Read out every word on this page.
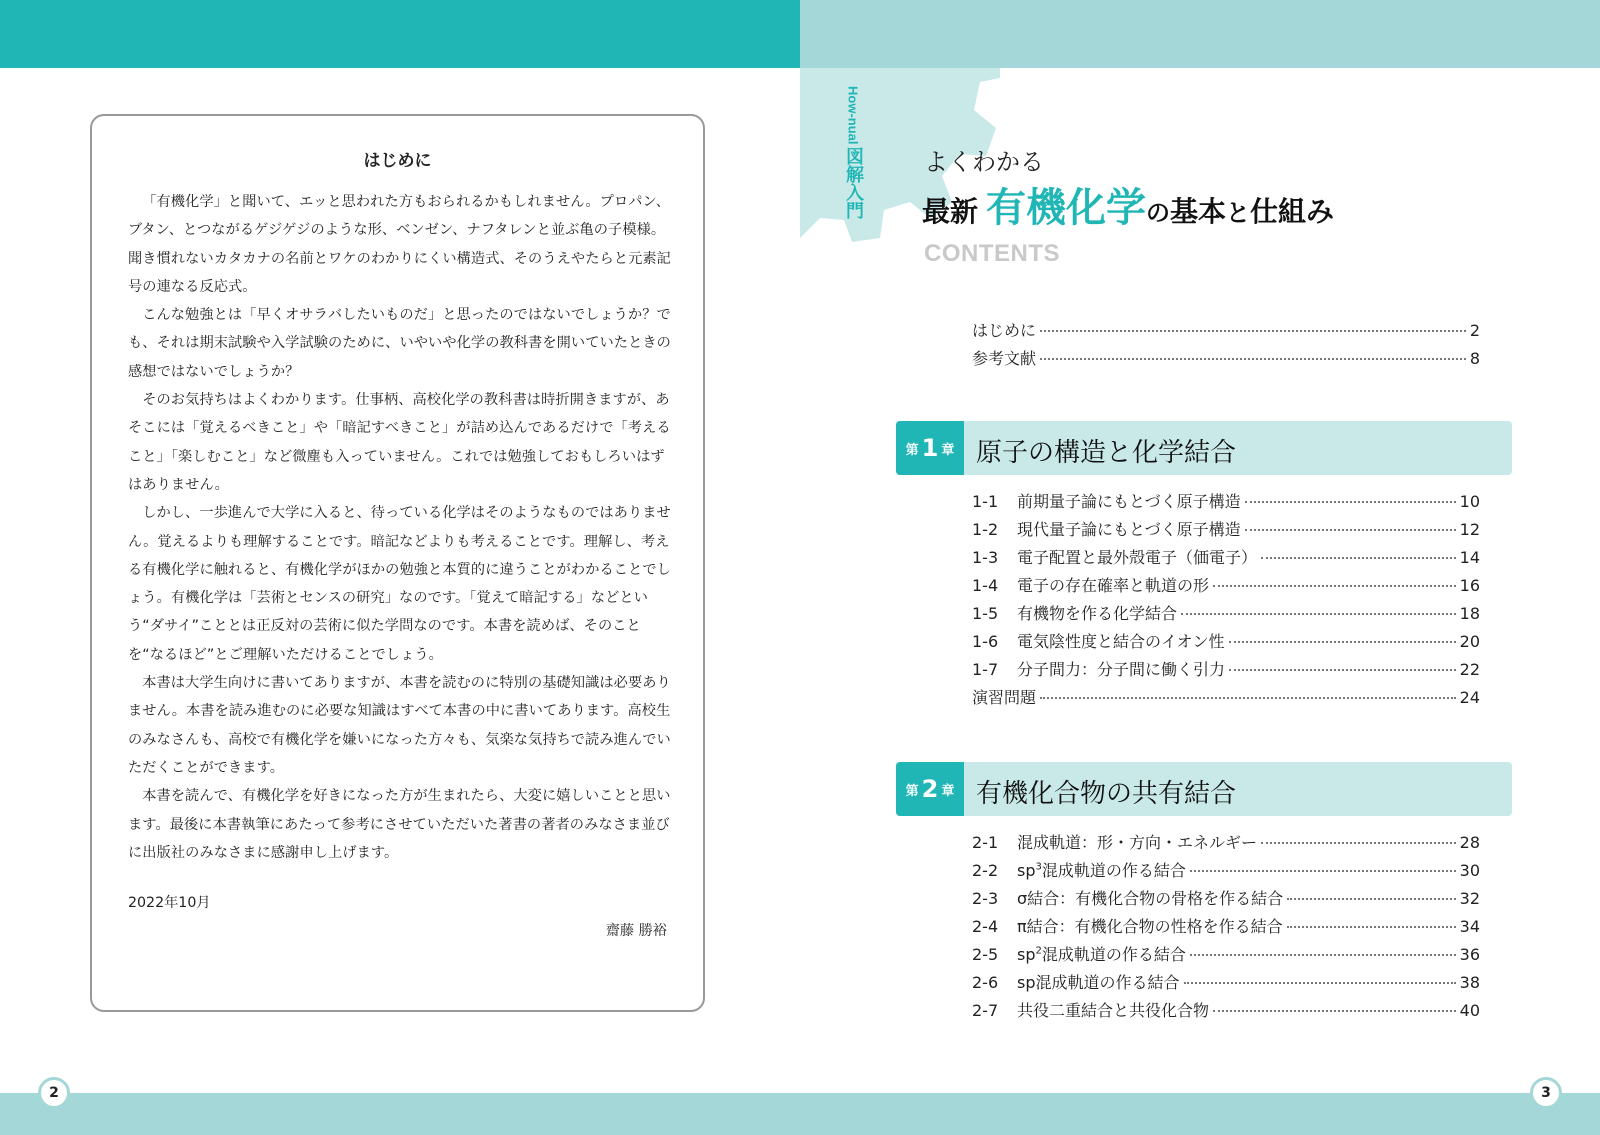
2	3
はじめに

「有機化学」と聞いて、エッと思われた方もおられるかもしれません。プロパン、ブタン、とつながるゲジゲジのような形、ベンゼン、ナフタレンと並ぶ亀の子模様。聞き慣れないカタカナの名前とワケのわかりにくい構造式、そのうえやたらと元素記号の連なる反応式。

こんな勉強とは「早くオサラバしたいものだ」と思ったのではないでしょうか？でも、それは期末試験や入学試験のために、いやいや化学の教科書を開いていたときの感想ではないでしょうか？

そのお気持ちはよくわかります。仕事柄、高校化学の教科書は時折開きますが、あそこには「覚えるべきこと」や「暗記すべきこと」が詰め込んであるだけで「考えること」「楽しむこと」など微塵も入っていません。これでは勉強しておもしろいはずはありません。

しかし、一歩進んで大学に入ると、待っている化学はそのようなものではありません。覚えるよりも理解することです。暗記などよりも考えることです。理解し、考える有機化学に触れると、有機化学がほかの勉強と本質的に違うことがわかることでしょう。有機化学は「芸術とセンスの研究」なのです。「覚えて暗記する」などという“ダサイ”こととは正反対の芸術に似た学問なのです。本書を読めば、そのことを“なるほど”とご理解いただけることでしょう。

本書は大学生向けに書いてありますが、本書を読むのに特別の基礎知識は必要ありません。本書を読み進むのに必要な知識はすべて本書の中に書いてあります。高校生のみなさんも、高校で有機化学を嫌いになった方々も、気楽な気持ちで読み進んでいただくことができます。

本書を読んで、有機化学を好きになった方が生まれたら、大変に嬉しいことと思います。最後に本書執筆にあたって参考にさせていただいた著書の著者のみなさま並びに出版社のみなさまに感謝申し上げます。

2022年10月
齋藤 勝裕
How-nual
図解入門	よくわかる
最新 有機化学の基本と仕組み
CONTENTS
はじめに	2
参考文献	8
第 1 章 原子の構造と化学結合
1-1	前期量子論にもとづく原子構造	10
1-2	現代量子論にもとづく原子構造	12
1-3	電子配置と最外殻電子（価電子）	14
1-4	電子の存在確率と軌道の形	16
1-5	有機物を作る化学結合	18
1-6	電気陰性度と結合のイオン性	20
1-7	分子間力：分子間に働く引力	22
演習問題	24
第 2 章 有機化合物の共有結合
2-1	混成軌道：形・方向・エネルギー	28
2-2	$sp^3$混成軌道の作る結合	30
2-3	σ結合：有機化合物の骨格を作る結合	32
2-4	π結合：有機化合物の性格を作る結合	34
2-5	$sp^2$混成軌道の作る結合	36
2-6	sp混成軌道の作る結合	38
2-7	共役二重結合と共役化合物	40
